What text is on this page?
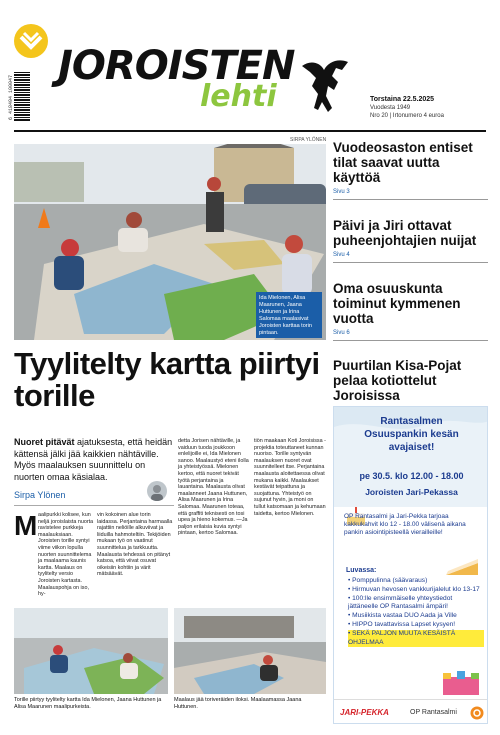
6 418494 100047
JOROISTEN
lehti	Torstaina 22.5.2025
Vuodesta 1949
Nro 20 | Irtonumero 4 euroa
SIRPA YLÖNEN
Ida Mielonen, Alisa Maarunen, Jaana Huttunen ja Irina Salomaa maalasivat Joroisten karttaa torin pintaan.
Vuodeosaston entiset tilat saavat uutta käyttöä
Sivu 3
Päivi ja Jiri ottavat puheenjohtajien nuijat
Sivu 4
Oma osuuskunta toiminut kymmenen vuotta
Sivu 6
Puurtilan Kisa-Pojat pelaa kotiottelut Joroisissa
Tyylitelty kartta piirtyi torille
Nuoret pitävät ajatuksesta, että heidän kättensä jälki jää kaikkien nähtäville. Myös maalauksen suunnittelu on nuorten omaa käsialaa.
Sirpa Ylönen
M aalipurkki kolisee, kun neljä joroislaista nuorta ravistelee purkkeja maalauksiaan. Joroisten torille syntyi viime viikon lopulla nuorten suunnittelema ja maalaama kaunis kartta. Maalaus on tyylitelty versio Joroisten kartasta. Maalauspohja on iso, hy-
vin kokoinen alue torin laidassa. Perjantaina harmaalla rajattiin neliöille alkuviivat ja liiduilla hahmoteltiin. Tekijöiden mukaan työ on vaatinut suunnittelua ja tarkkuutta. Maalausta tehdessä on pitänyt katsoa, että viivat osuvat oikeisiin kohtiin ja värit mätsäävät.
detta Jorisen nähtäville, ja vaiduun tuoda joukkoon enlelijoille ei, Ida Mielonen sanoo. Maalaustyö eteni ilolla ja yhteistyössä. Mielonen kertoo, että nuoret tekivät työtä perjantaina ja lauantaina. Maalausta olivat maalanneet Jaana Huttunen, Alisa Maarunen ja Irina Salomaa. Maarunen toteaa, että graffiti teknisesti on tosi upea ja hieno kokemus. —Ja paljon erilaisia kuvia syntyi pintaan, kertoo Salomaa.
tiön maakaan Koti Joroisissa -projektia toteuttaneet kunnan nuoriso. Torille syntyvän maalauksen nuoret ovat suunnitelleet itse. Perjantaina maalausta aloitettaessa olivat mukana kaikki. Maalaukset kestävät teipattuna ja suojattuna. Yhteistyö on sujunut hyvin, ja moni on tullut katsomaan ja kehumaan taidetta, kertoo Mielonen.
Torille piirtyy tyylitelty kartta Ida Mielonen, Jaana Huttunen ja Alisa Maarunen maalipurkeista.
Maalaus jää toriveräiden iloksi. Maalaamassa Jaana Huttunen.
Rantasalmen Osuuspankin kesän avajaiset!
pe 30.5. klo 12.00 - 18.00
Joroisten Jari-Pekassa
OP Rantasalmi ja Jari-Pekka tarjoaa kakkukahvit klo 12 - 18.00 välisenä aikana pankin asiointipisteellä vierailleille!
Luvassa:
• Pomppulinna (säävaraus)
• Hirmuvan hevosen vankkurijalelut klo 13-17
• 100:lle ensimmäiselle yhteystiedot jättäneelle OP Rantasalmi ämpäri!
• Musiikista vastaa DUO Aada ja Ville
• HIPPO tavattavissa Lapset kysyen!
• SEKÄ PALJON MUUTA KESÄISTÄ OHJELMAA
JARI-PEKKA	OP Rantasalmi
